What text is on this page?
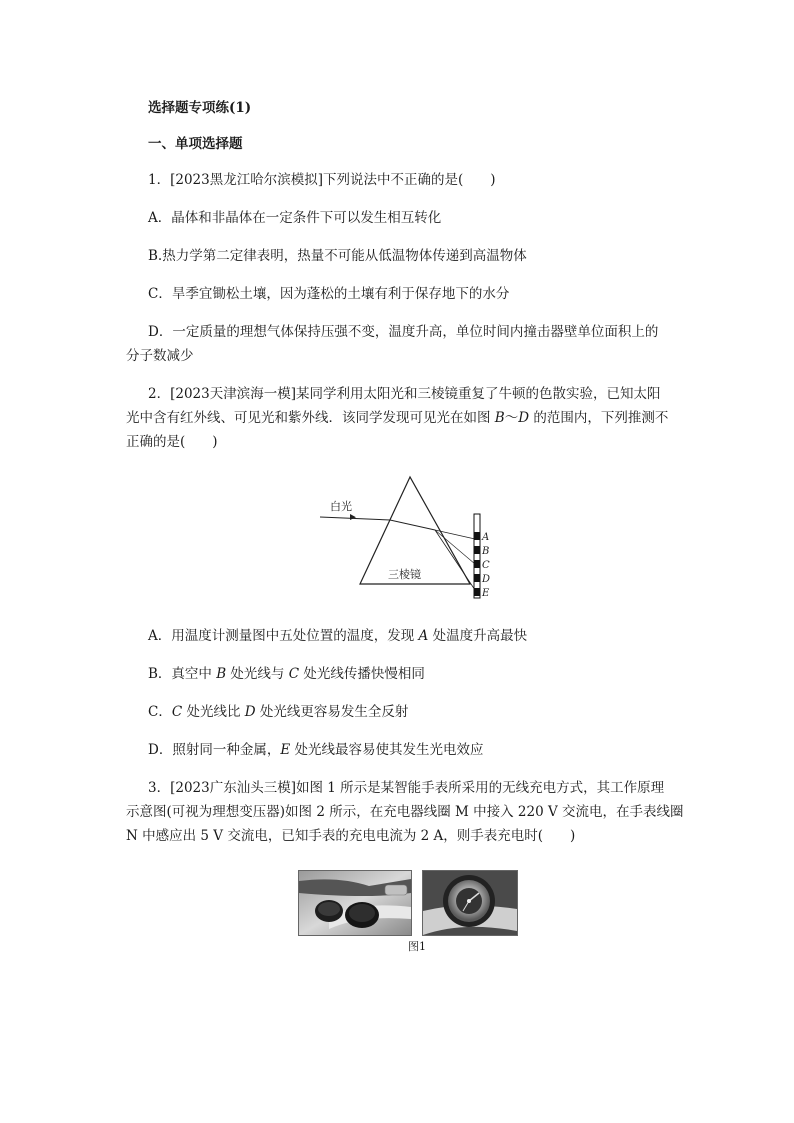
选择题专项练(1)
一、单项选择题
1．[2023黑龙江哈尔滨模拟]下列说法中不正确的是(　　)
A．晶体和非晶体在一定条件下可以发生相互转化
B.热力学第二定律表明，热量不可能从低温物体传递到高温物体
C．旱季宜锄松土壤，因为蓬松的土壤有利于保存地下的水分
D．一定质量的理想气体保持压强不变，温度升高，单位时间内撞击器壁单位面积上的
分子数减少
2．[2023天津滨海一模]某同学利用太阳光和三棱镜重复了牛顿的色散实验，已知太阳
光中含有红外线、可见光和紫外线．该同学发现可见光在如图 B～D 的范围内，下列推测不
正确的是(　　)
白光
三棱镜
A
B
C
D
E
A．用温度计测量图中五处位置的温度，发现 A 处温度升高最快
B．真空中 B 处光线与 C 处光线传播快慢相同
C．C 处光线比 D 处光线更容易发生全反射
D．照射同一种金属，E 处光线最容易使其发生光电效应
3．[2023广东汕头三模]如图 1 所示是某智能手表所采用的无线充电方式，其工作原理
示意图(可视为理想变压器)如图 2 所示，在充电器线圈 M 中接入 220 V 交流电，在手表线圈
N 中感应出 5 V 交流电，已知手表的充电电流为 2 A，则手表充电时(　　)
图1
